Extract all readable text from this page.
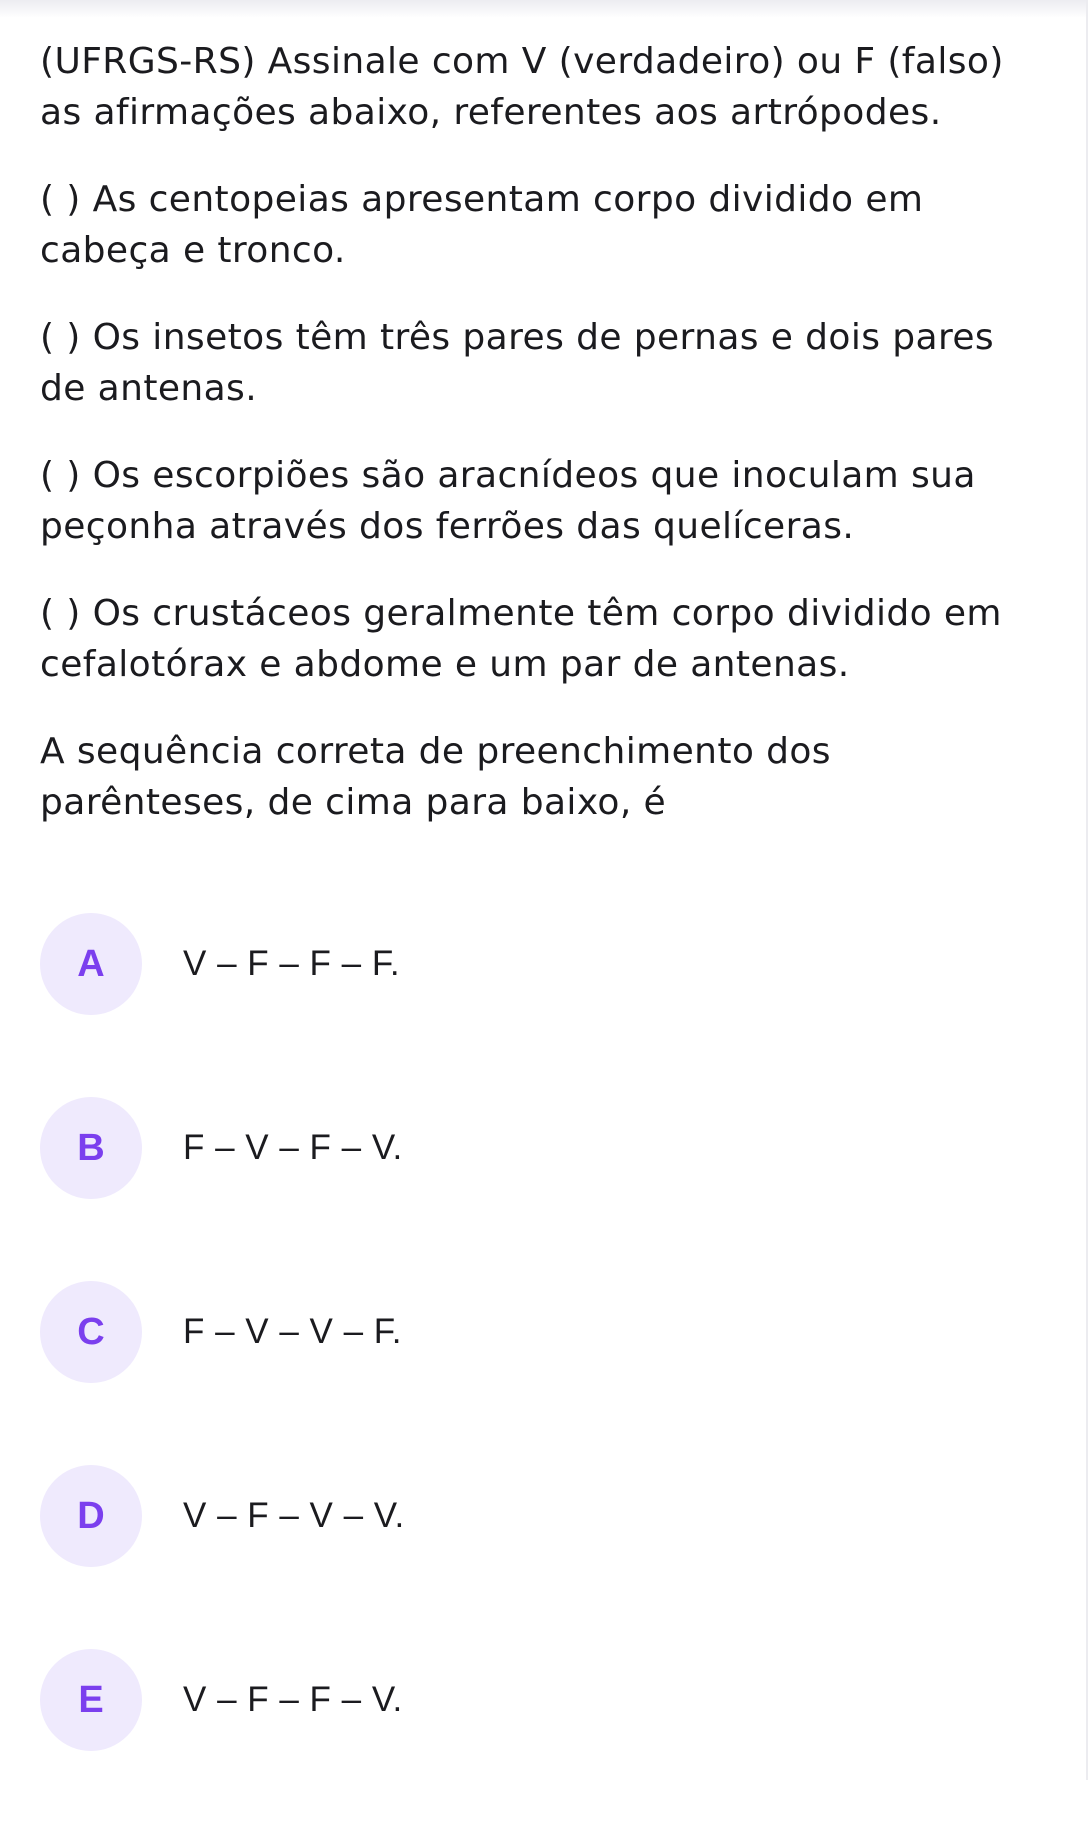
(UFRGS-RS) Assinale com V (verdadeiro) ou F (falso) as afirmações abaixo, referentes aos artrópodes.

( ) As centopeias apresentam corpo dividido em cabeça e tronco.

( ) Os insetos têm três pares de pernas e dois pares de antenas.

( ) Os escorpiões são aracnídeos que inoculam sua peçonha através dos ferrões das quelíceras.

( ) Os crustáceos geralmente têm corpo dividido em cefalotórax e abdome e um par de antenas.

A sequência correta de preenchimento dos parênteses, de cima para baixo, é

A V – F – F – F.
B F – V – F – V.
C F – V – V – F.
D V – F – V – V.
E V – F – F – V.
